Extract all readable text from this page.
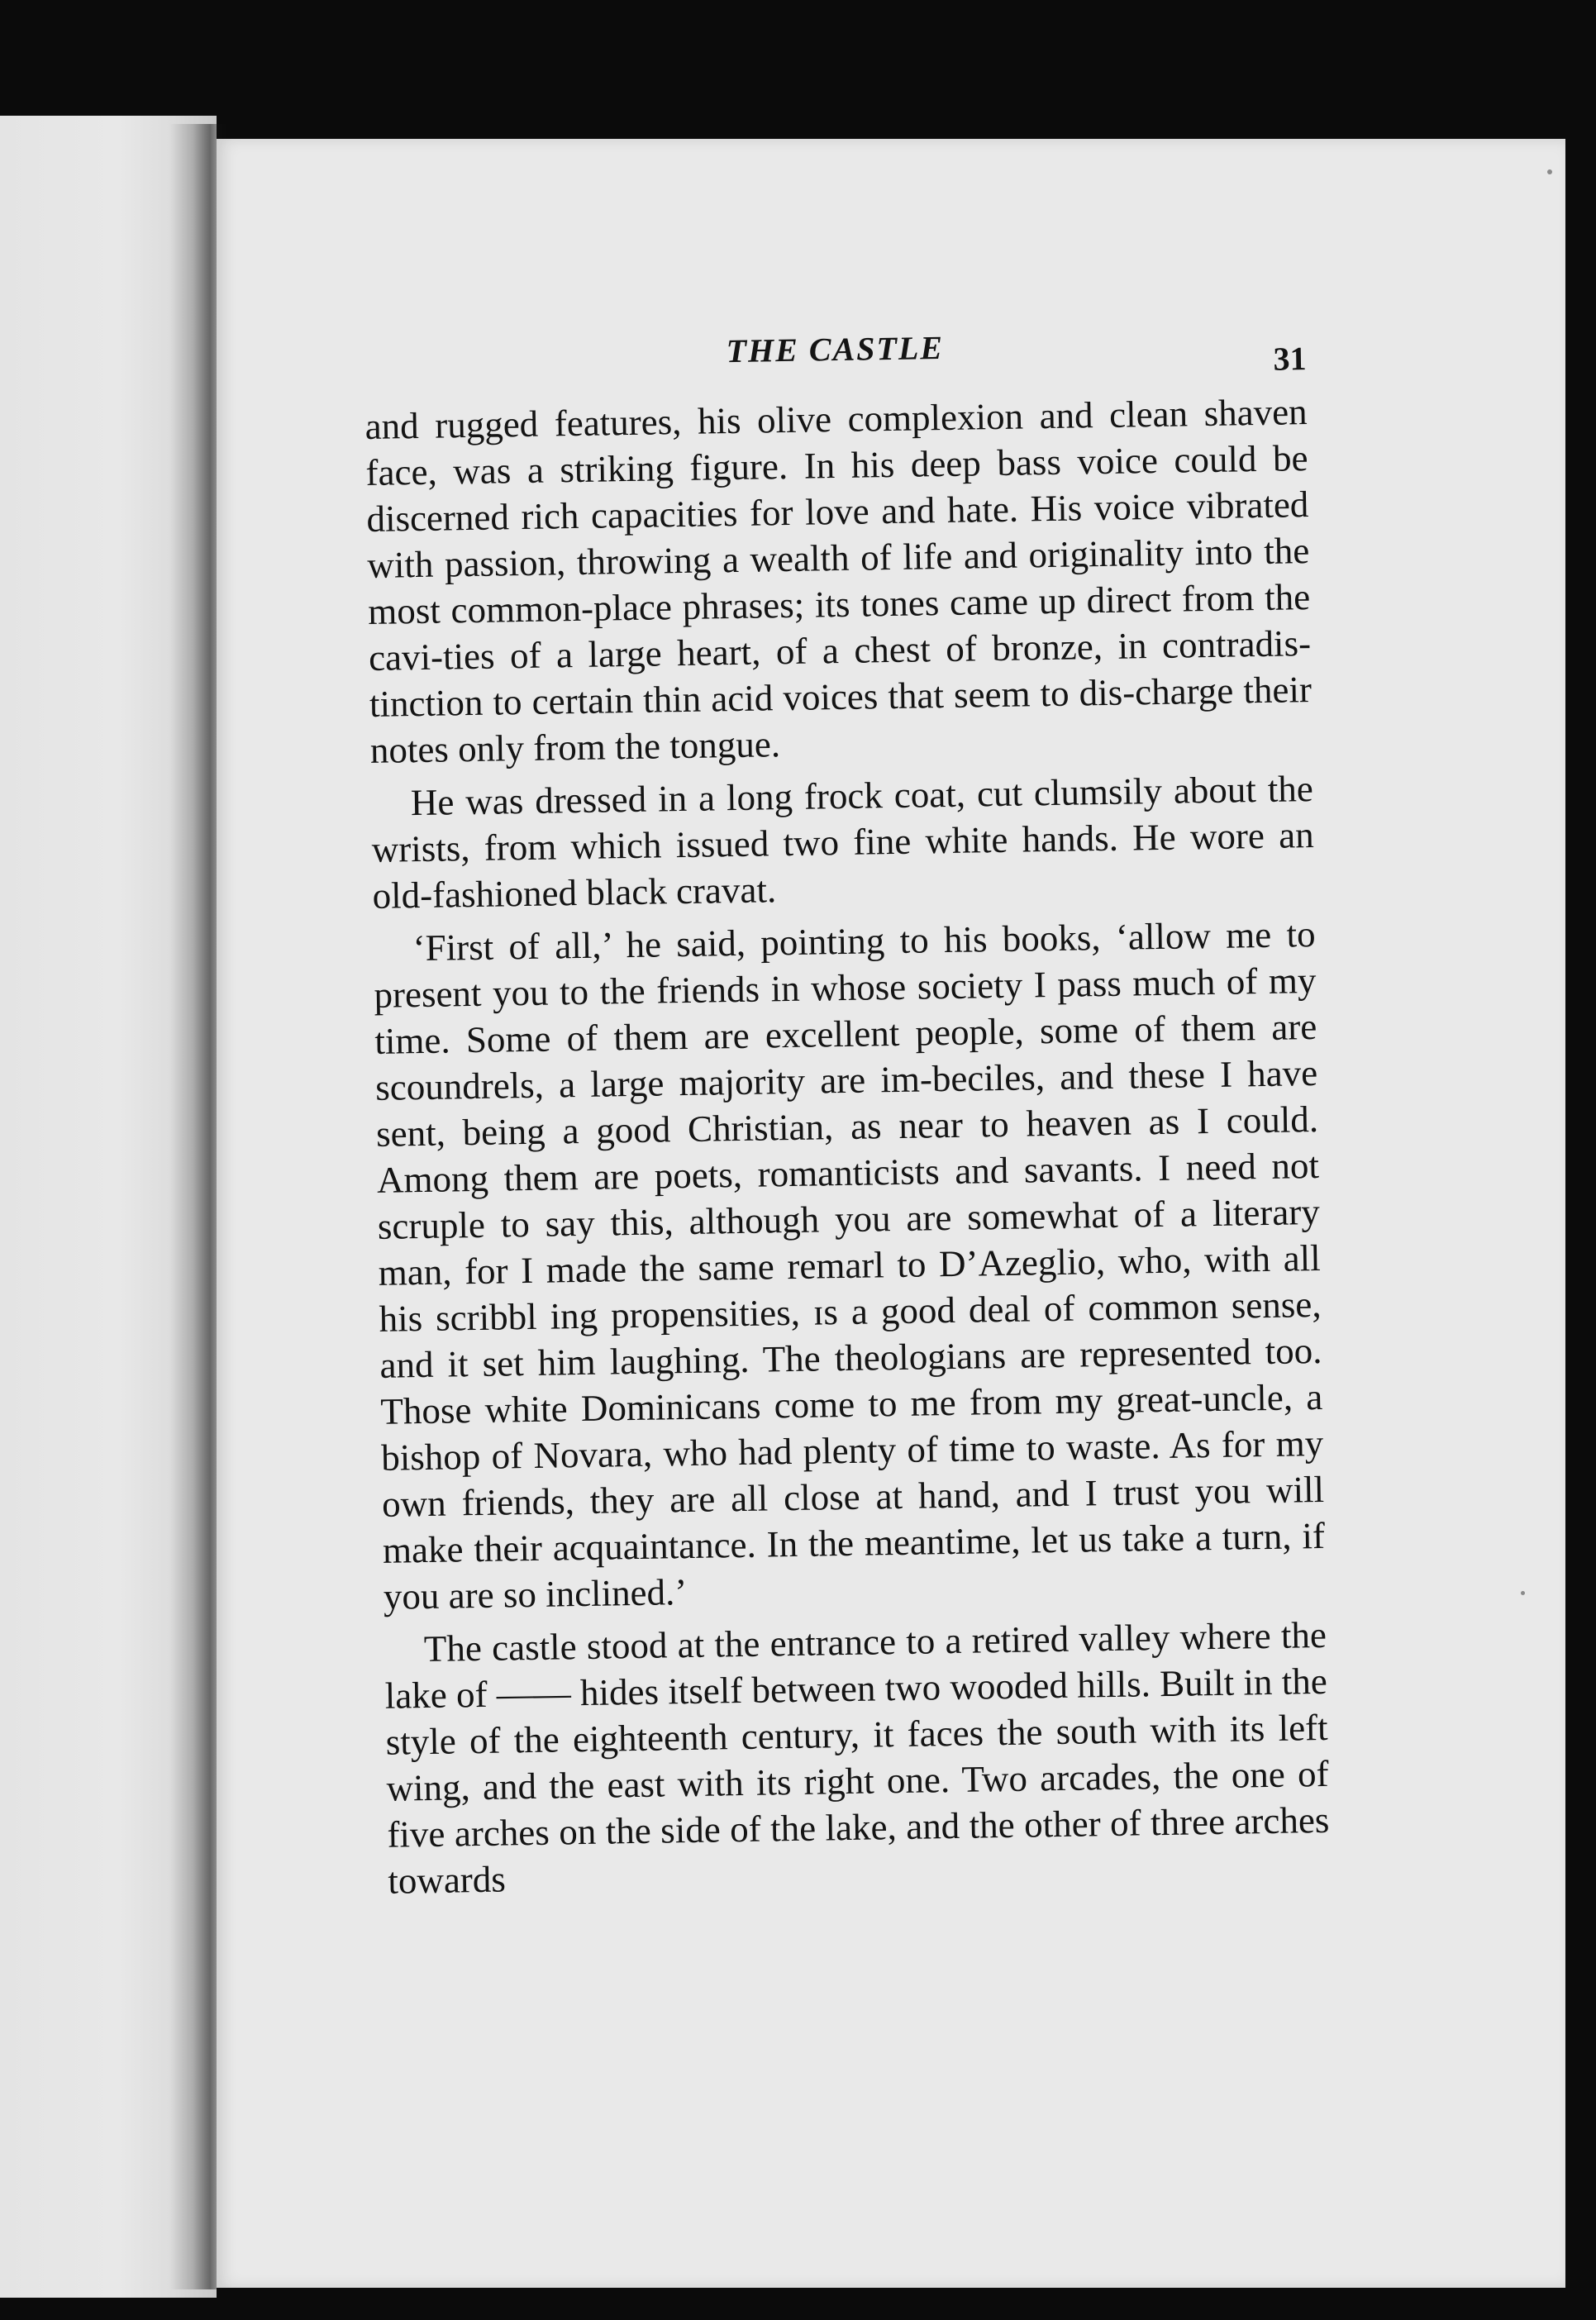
THE CASTLE	31

and rugged features, his olive complexion and clean shaven face, was a striking figure. In his deep bass voice could be discerned rich capacities for love and hate. His voice vibrated with passion, throwing a wealth of life and originality into the most common-place phrases; its tones came up direct from the cavi-ties of a large heart, of a chest of bronze, in contradis-tinction to certain thin acid voices that seem to dis-charge their notes only from the tongue.

He was dressed in a long frock coat, cut clumsily about the wrists, from which issued two fine white hands. He wore an old-fashioned black cravat.

‘First of all,’ he said, pointing to his books, ‘allow me to present you to the friends in whose society I pass much of my time. Some of them are excellent people, some of them are scoundrels, a large majority are im-beciles, and these I have sent, being a good Christian, as near to heaven as I could. Among them are poets, romanticists and savants. I need not scruple to say this, although you are somewhat of a literary man, for I made the same remarl to D’Azeglio, who, with all his scribbl ing propensities, ɪs a good deal of common sense, and it set him laughing. The theologians are represented too. Those white Dominicans come to me from my great-uncle, a bishop of Novara, who had plenty of time to waste. As for my own friends, they are all close at hand, and I trust you will make their acquaintance. In the meantime, let us take a turn, if you are so inclined.’

The castle stood at the entrance to a retired valley where the lake of —— hides itself between two wooded hills. Built in the style of the eighteenth century, it faces the south with its left wing, and the east with its right one. Two arcades, the one of five arches on the side of the lake, and the other of three arches towards
